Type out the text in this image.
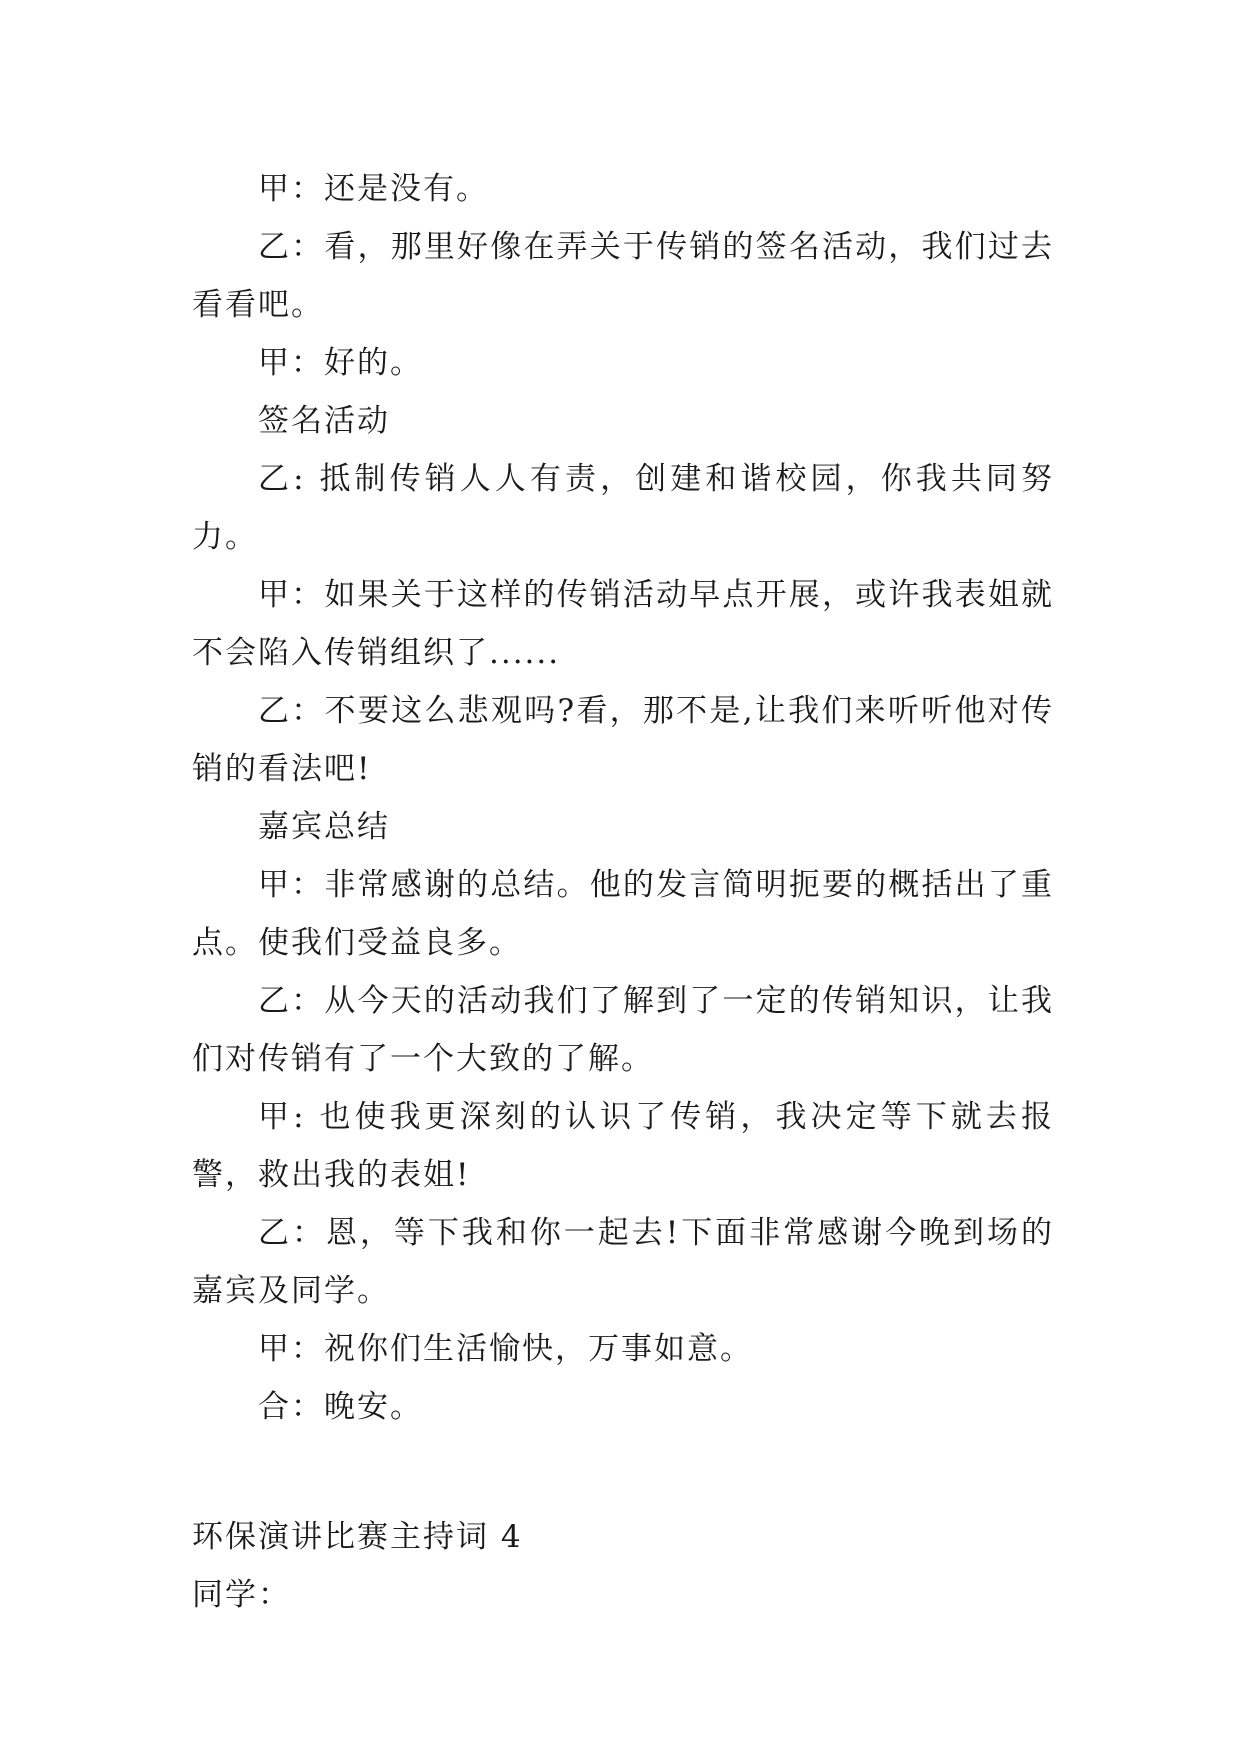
甲：还是没有。

乙：看，那里好像在弄关于传销的签名活动，我们过去看看吧。

甲：好的。

签名活动

乙: 抵制传销人人有责，创建和谐校园，你我共同努力。

甲：如果关于这样的传销活动早点开展，或许我表姐就不会陷入传销组织了......

乙：不要这么悲观吗?看，那不是,让我们来听听他对传销的看法吧!

嘉宾总结

甲：非常感谢的总结。他的发言简明扼要的概括出了重点。使我们受益良多。

乙：从今天的活动我们了解到了一定的传销知识，让我们对传销有了一个大致的了解。

甲: 也使我更深刻的认识了传销，我决定等下就去报警，救出我的表姐!

乙：恩，等下我和你一起去!下面非常感谢今晚到场的嘉宾及同学。

甲：祝你们生活愉快，万事如意。

合：晚安。

环保演讲比赛主持词 4

同学：
